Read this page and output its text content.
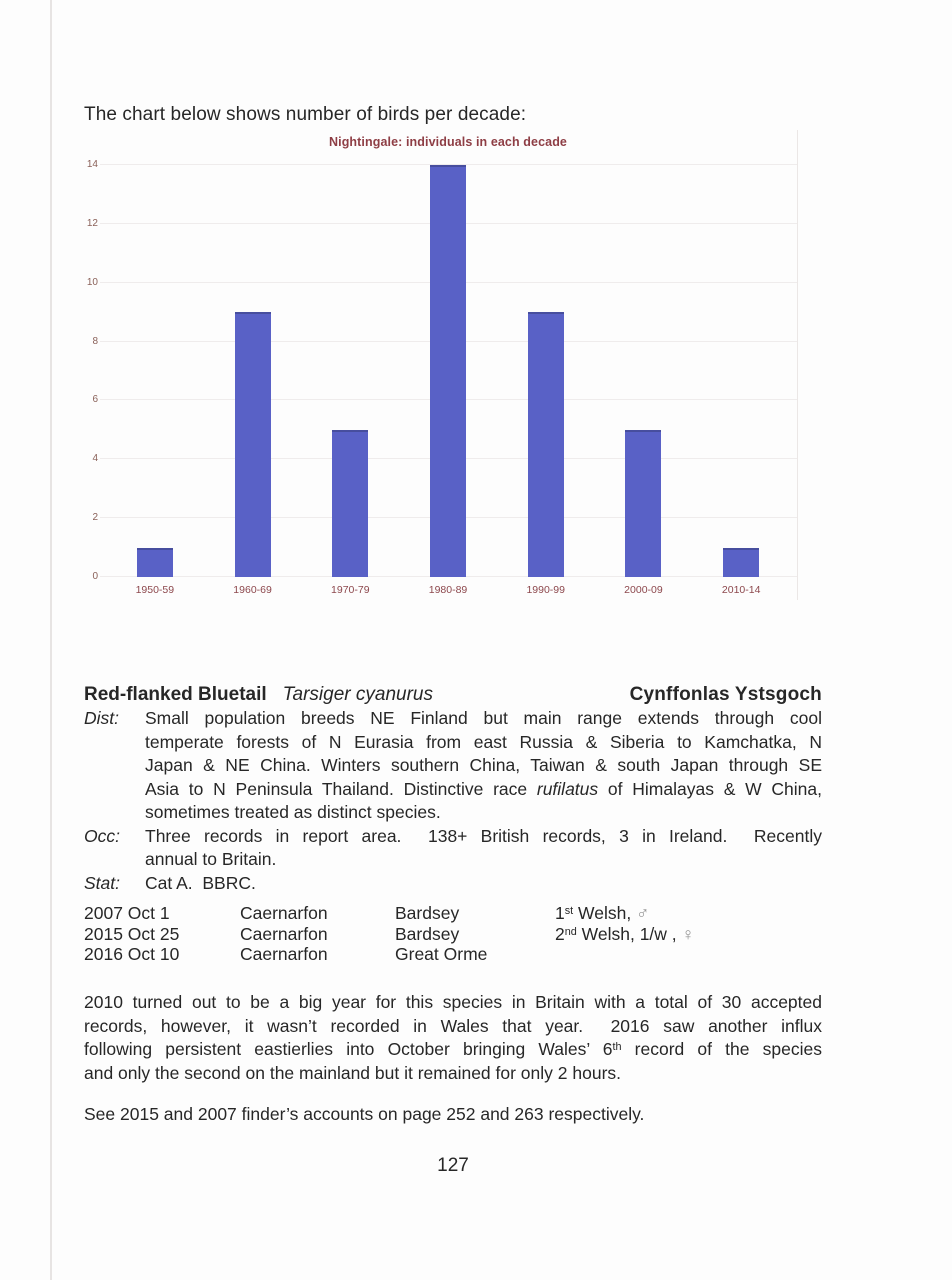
The chart below shows number of birds per decade:
Nightingale: individuals in each decade
0
2
4
6
8
10
12
14
1950-59	1960-69	1970-79	1980-89	1990-99	2000-09	2010-14
Red-flanked Bluetail Tarsiger cyanurus	Cynffonlas Ystsgoch
Dist: Small population breeds NE Finland but main range extends through cool
temperate forests of N Eurasia from east Russia & Siberia to Kamchatka, N
Japan & NE China. Winters southern China, Taiwan & south Japan through SE
Asia to N Peninsula Thailand. Distinctive race rufilatus of Himalayas & W China,
sometimes treated as distinct species.
Occ: Three records in report area.  138+ British records, 3 in Ireland.  Recently
annual to Britain.
Stat: Cat A.  BBRC.
2007 Oct 1	Caernarfon	Bardsey	1st Welsh, ♂
2015 Oct 25	Caernarfon	Bardsey	2nd Welsh, 1/w , ♀
2016 Oct 10	Caernarfon	Great Orme
2010 turned out to be a big year for this species in Britain with a total of 30 accepted
records, however, it wasn’t recorded in Wales that year.  2016 saw another influx
following persistent eastierlies into October bringing Wales’ 6th record of the species
and only the second on the mainland but it remained for only 2 hours.
See 2015 and 2007 finder’s accounts on page 252 and 263 respectively.
127
